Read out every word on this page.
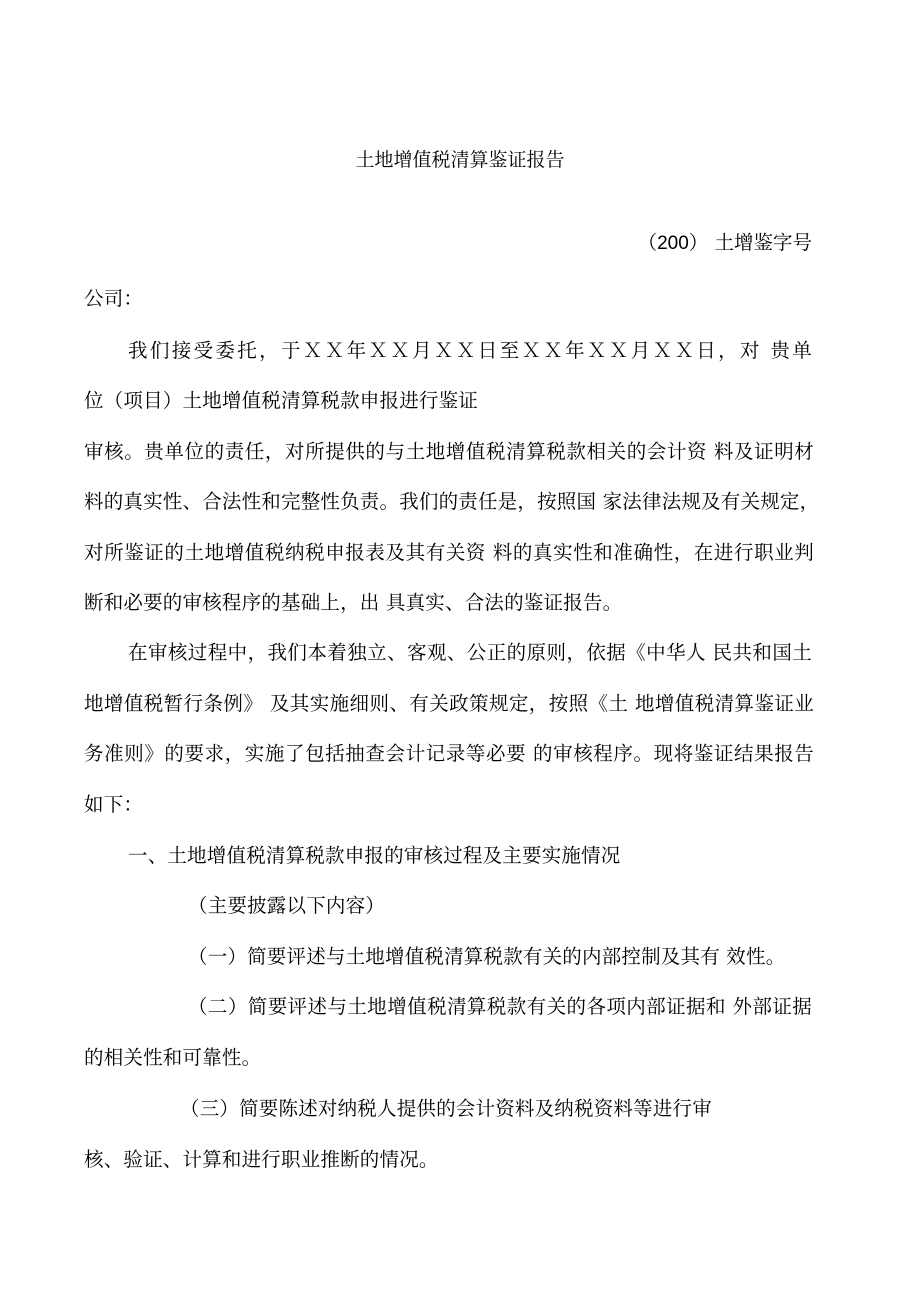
土地增值税清算鉴证报告
（200） 土增鉴字号
公司：
我们接受委托，于ＸＸ年ＸＸ月ＸＸ日至ＸＸ年ＸＸ月ＸＸ日，对 贵单
位（项目）土地增值税清算税款申报进行鉴证
审核。贵单位的责任，对所提供的与土地增值税清算税款相关的会计资 料及证明材
料的真实性、合法性和完整性负责。我们的责任是，按照国 家法律法规及有关规定，
对所鉴证的土地增值税纳税申报表及其有关资 料的真实性和准确性，在进行职业判
断和必要的审核程序的基础上，出 具真实、合法的鉴证报告。
在审核过程中，我们本着独立、客观、公正的原则，依据《中华人 民共和国土
地增值税暂行条例》 及其实施细则、有关政策规定，按照《土 地增值税清算鉴证业
务准则》的要求，实施了包括抽查会计记录等必要 的审核程序。现将鉴证结果报告
如下：
一、土地增值税清算税款申报的审核过程及主要实施情况
（主要披露以下内容）
（一）简要评述与土地增值税清算税款有关的内部控制及其有 效性。
（二）简要评述与土地增值税清算税款有关的各项内部证据和 外部证据
的相关性和可靠性。
（三）简要陈述对纳税人提供的会计资料及纳税资料等进行审
核、验证、计算和进行职业推断的情况。
